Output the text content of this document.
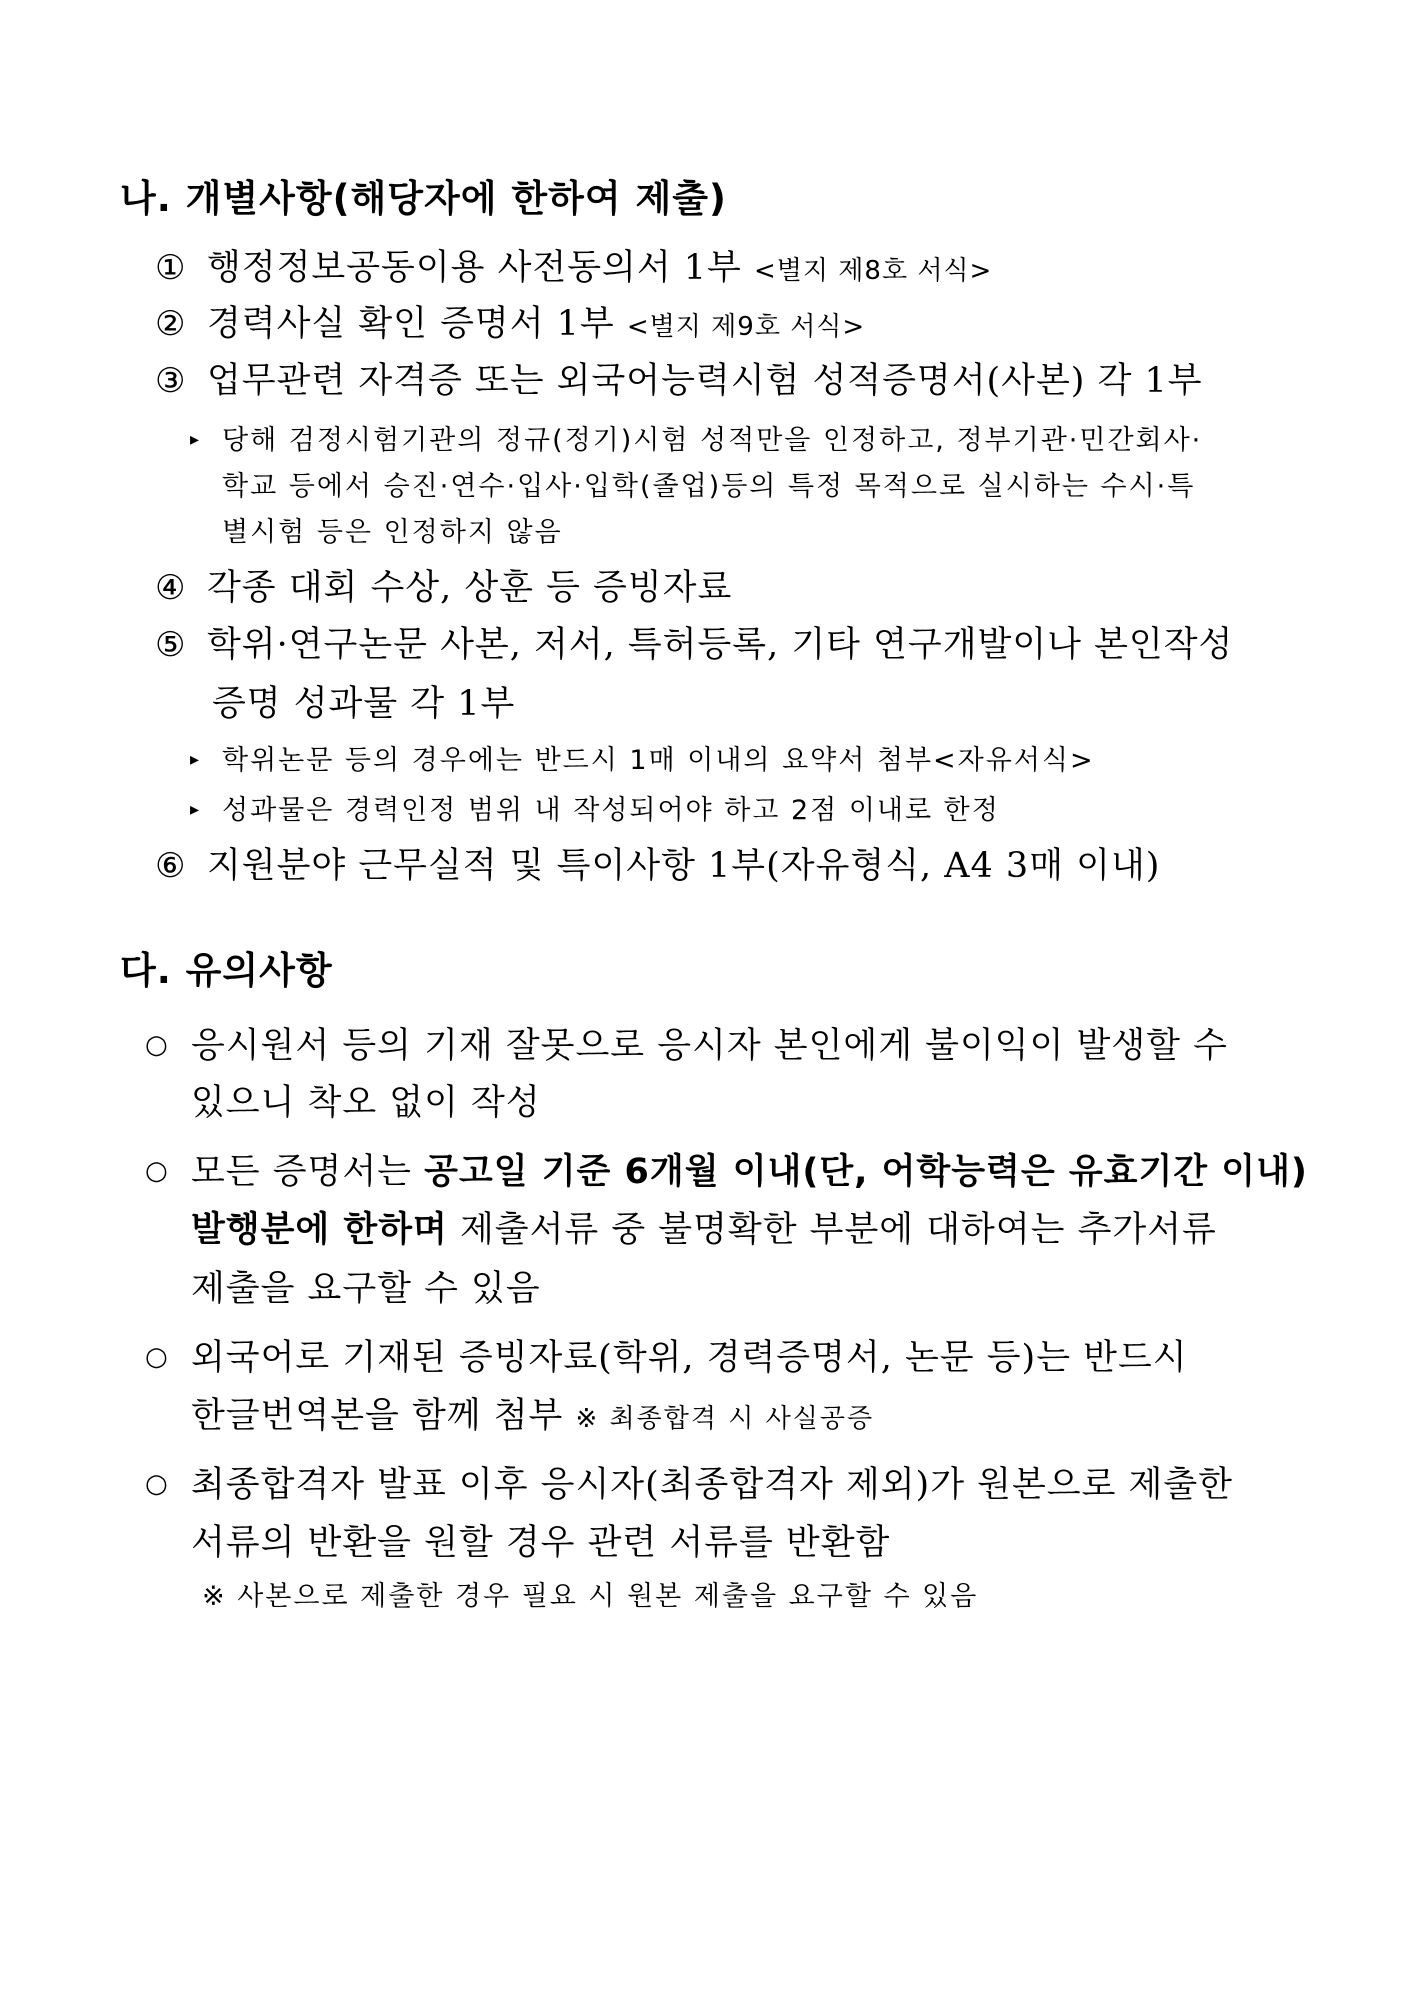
나. 개별사항(해당자에 한하여 제출)
① 행정정보공동이용 사전동의서 1부 <별지 제8호 서식>
② 경력사실 확인 증명서 1부 <별지 제9호 서식>
③ 업무관련 자격증 또는 외국어능력시험 성적증명서(사본) 각 1부
▸ 당해 검정시험기관의 정규(정기)시험 성적만을 인정하고, 정부기관·민간회사·
학교 등에서 승진·연수·입사·입학(졸업)등의 특정 목적으로 실시하는 수시·특
별시험 등은 인정하지 않음
④ 각종 대회 수상, 상훈 등 증빙자료
⑤ 학위·연구논문 사본, 저서, 특허등록, 기타 연구개발이나 본인작성
증명 성과물 각 1부
▸ 학위논문 등의 경우에는 반드시 1매 이내의 요약서 첨부<자유서식>
▸ 성과물은 경력인정 범위 내 작성되어야 하고 2점 이내로 한정
⑥ 지원분야 근무실적 및 특이사항 1부(자유형식, A4 3매 이내)
다. 유의사항
○ 응시원서 등의 기재 잘못으로 응시자 본인에게 불이익이 발생할 수
있으니 착오 없이 작성
○ 모든 증명서는 공고일 기준 6개월 이내(단, 어학능력은 유효기간 이내)
발행분에 한하며 제출서류 중 불명확한 부분에 대하여는 추가서류
제출을 요구할 수 있음
○ 외국어로 기재된 증빙자료(학위, 경력증명서, 논문 등)는 반드시
한글번역본을 함께 첨부 ※ 최종합격 시 사실공증
○ 최종합격자 발표 이후 응시자(최종합격자 제외)가 원본으로 제출한
서류의 반환을 원할 경우 관련 서류를 반환함
※ 사본으로 제출한 경우 필요 시 원본 제출을 요구할 수 있음
